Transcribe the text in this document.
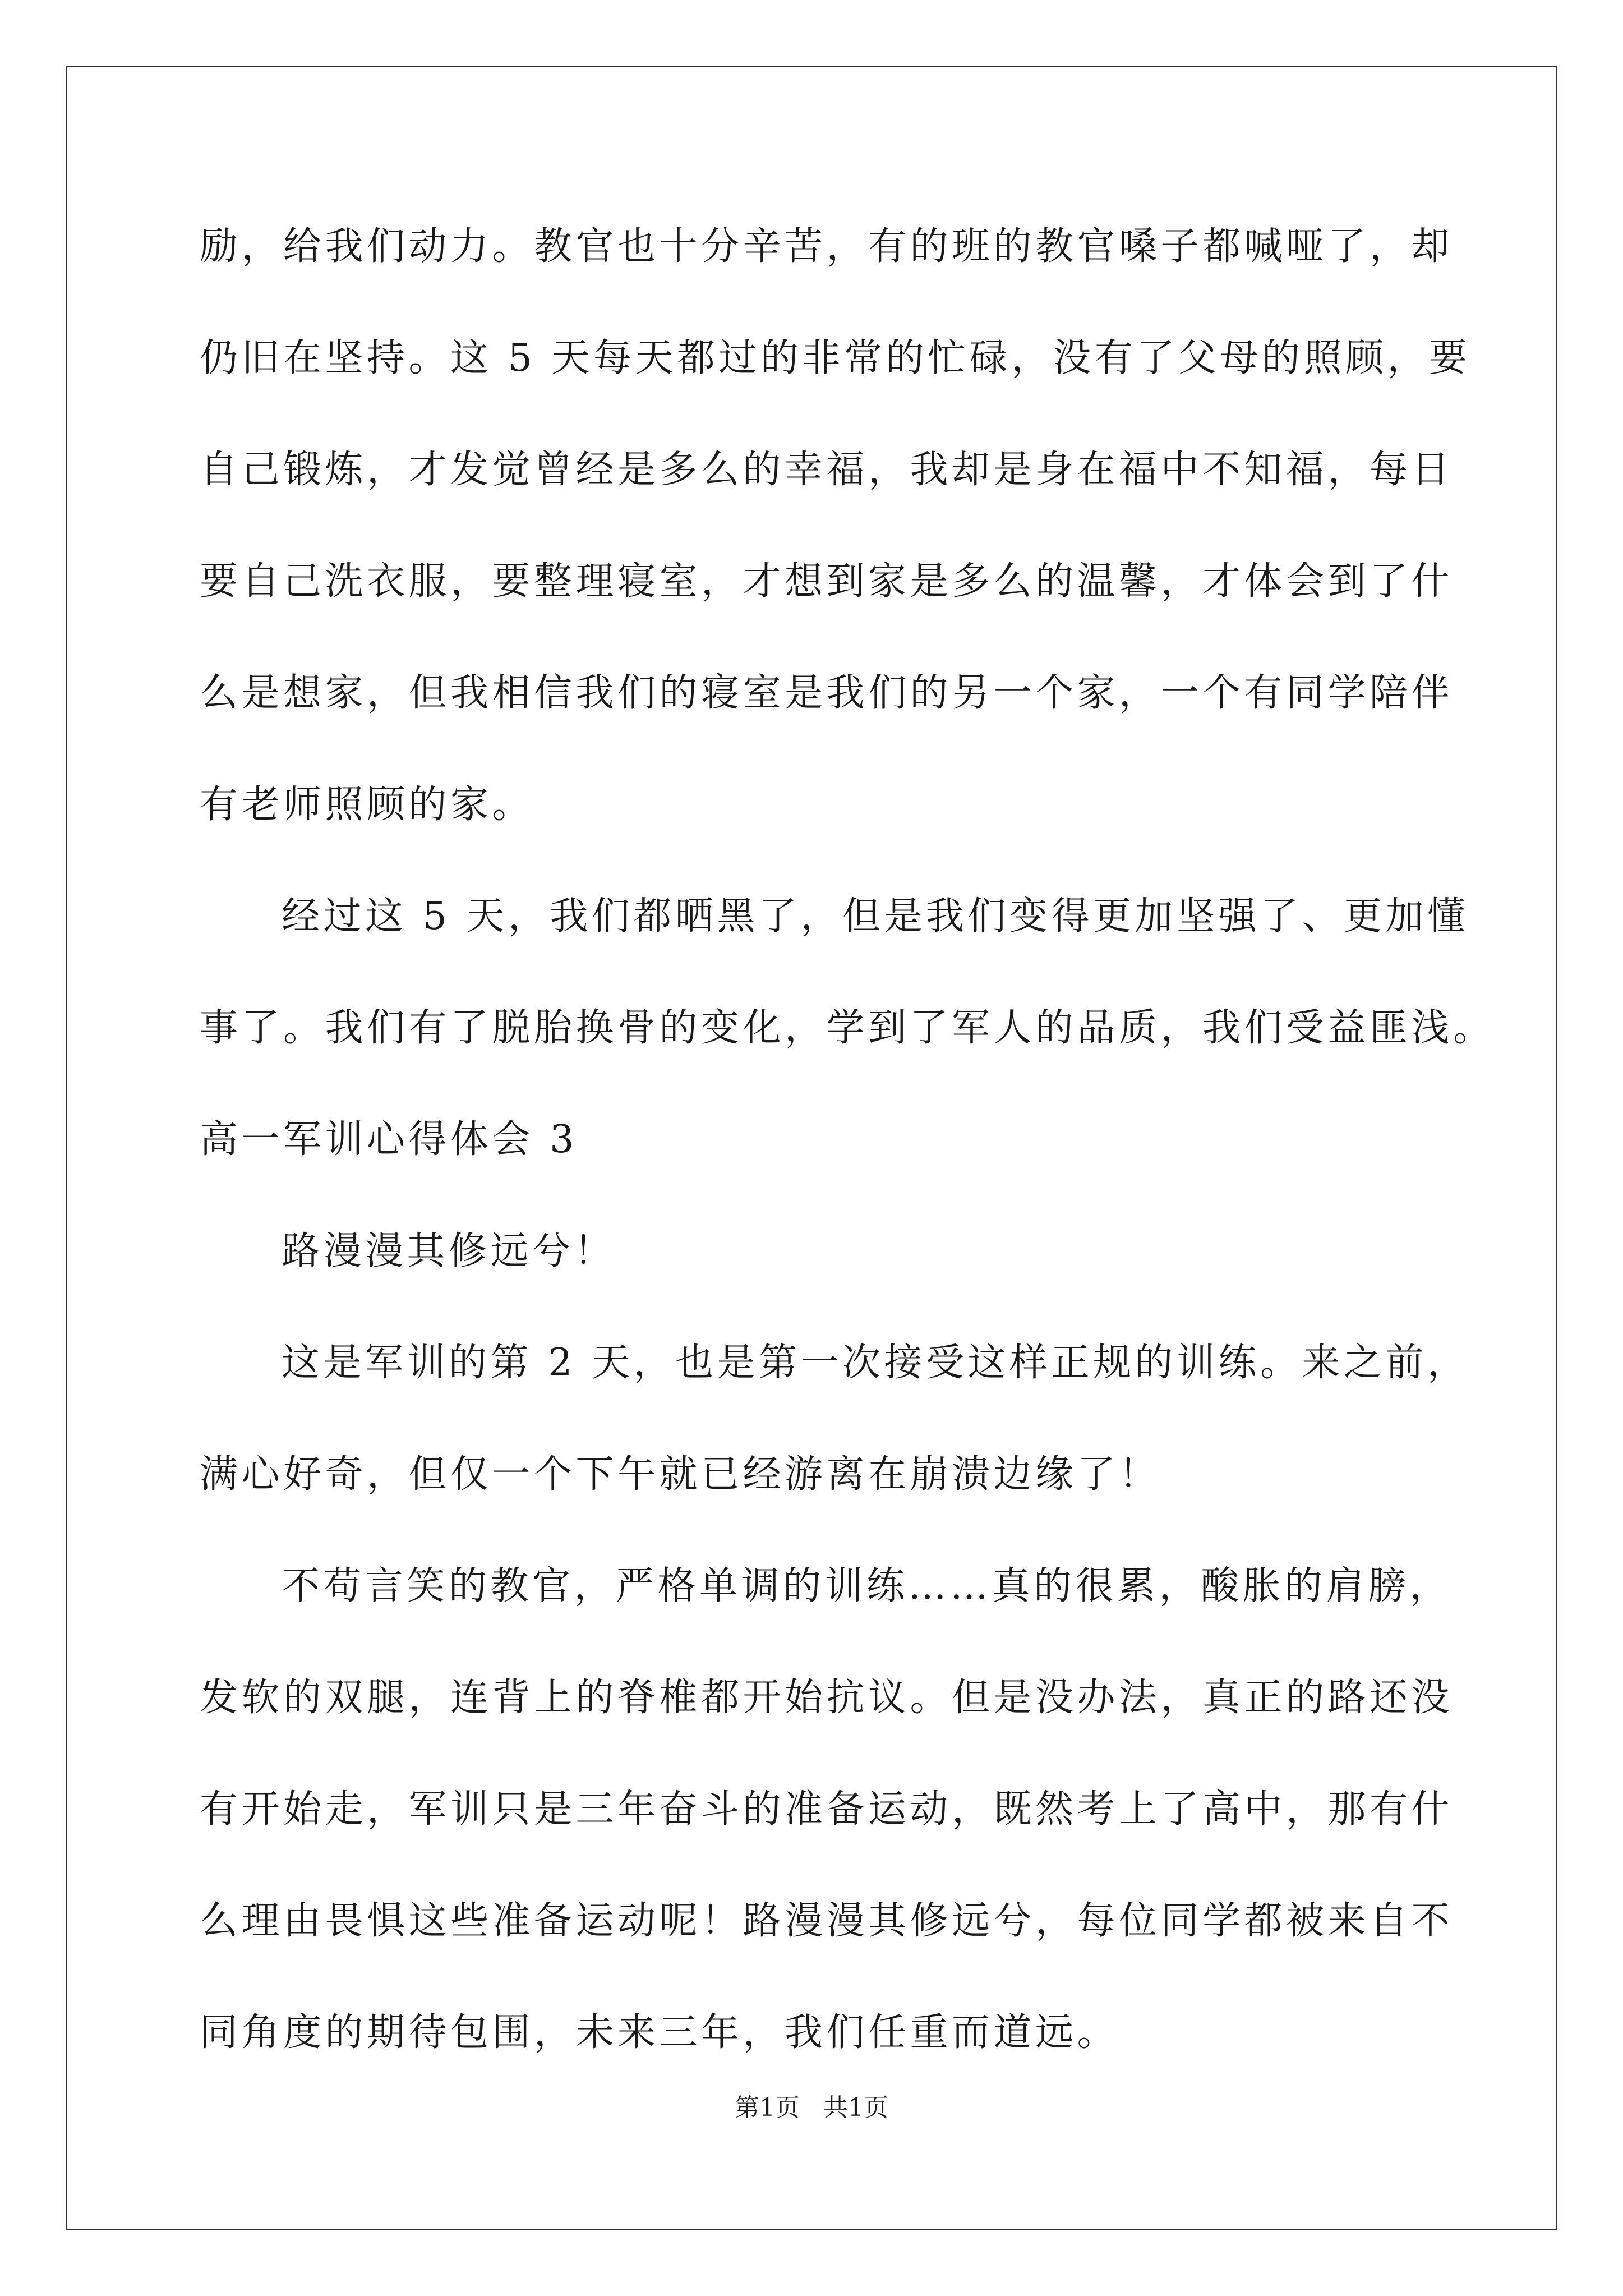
励，给我们动力。教官也十分辛苦，有的班的教官嗓子都喊哑了，却
仍旧在坚持。这 5 天每天都过的非常的忙碌，没有了父母的照顾，要
自己锻炼，才发觉曾经是多么的幸福，我却是身在福中不知福，每日
要自己洗衣服，要整理寝室，才想到家是多么的温馨，才体会到了什
么是想家，但我相信我们的寝室是我们的另一个家，一个有同学陪伴
有老师照顾的家。
经过这 5 天，我们都晒黑了，但是我们变得更加坚强了、更加懂
事了。我们有了脱胎换骨的变化，学到了军人的品质，我们受益匪浅。
高一军训心得体会 3
路漫漫其修远兮！
这是军训的第 2 天，也是第一次接受这样正规的训练。来之前，
满心好奇，但仅一个下午就已经游离在崩溃边缘了！
不苟言笑的教官，严格单调的训练……真的很累，酸胀的肩膀，
发软的双腿，连背上的脊椎都开始抗议。但是没办法，真正的路还没
有开始走，军训只是三年奋斗的准备运动，既然考上了高中，那有什
么理由畏惧这些准备运动呢！路漫漫其修远兮，每位同学都被来自不
同角度的期待包围，未来三年，我们任重而道远。
第1页   共1页
